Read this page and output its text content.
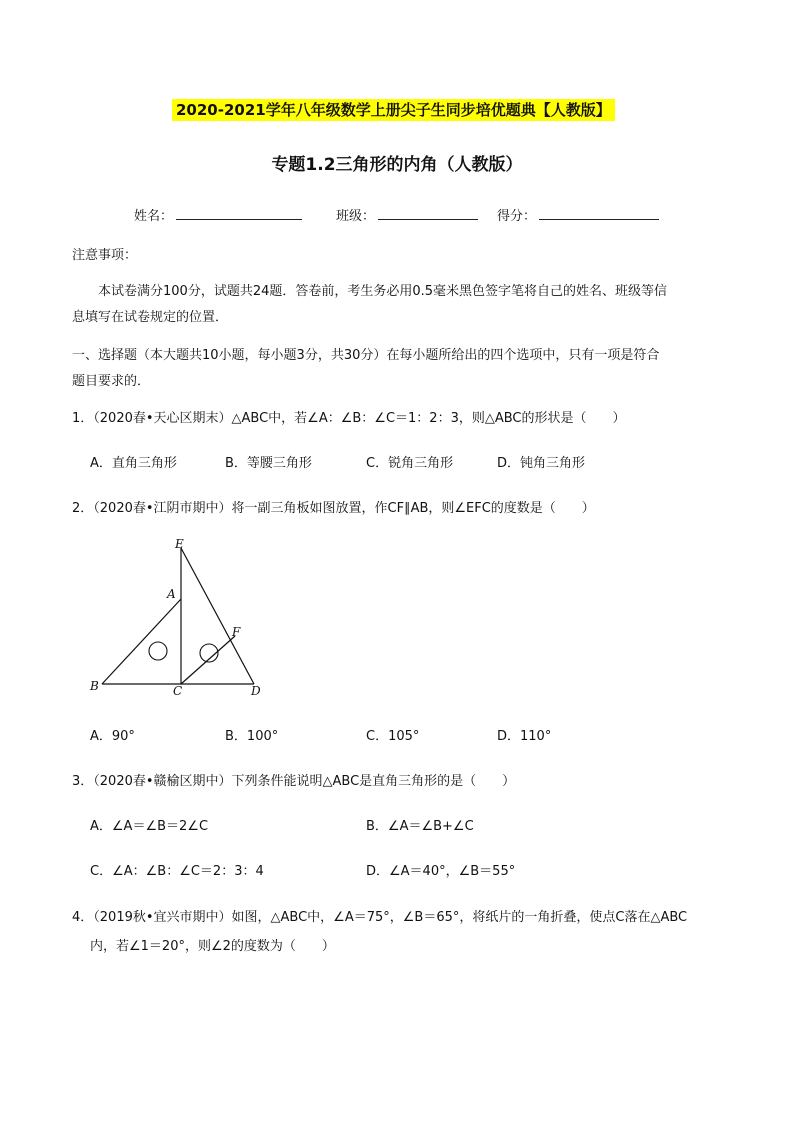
2020-2021学年八年级数学上册尖子生同步培优题典【人教版】
专题1.2三角形的内角（人教版）
姓名：	班级：	得分：
注意事项：
本试卷满分100分，试题共24题．答卷前，考生务必用0.5毫米黑色签字笔将自己的姓名、班级等信
息填写在试卷规定的位置．
一、选择题（本大题共10小题，每小题3分，共30分）在每小题所给出的四个选项中，只有一项是符合
题目要求的．
1．（2020春•天心区期末）△ABC中，若∠A：∠B：∠C＝1：2：3，则△ABC的形状是（　　）
A．直角三角形	B．等腰三角形	C．锐角三角形	D．钝角三角形
2．（2020春•江阴市期中）将一副三角板如图放置，作CF∥AB，则∠EFC的度数是（　　）
E
A
F
B	C	D
A．90°	B．100°	C．105°	D．110°
3．（2020春•赣榆区期中）下列条件能说明△ABC是直角三角形的是（　　）
A．∠A＝∠B＝2∠C	B．∠A＝∠B+∠C
C．∠A：∠B：∠C＝2：3：4	D．∠A＝40°，∠B＝55°
4．（2019秋•宜兴市期中）如图，△ABC中，∠A＝75°，∠B＝65°，将纸片的一角折叠，使点C落在△ABC
内，若∠1＝20°，则∠2的度数为（　　）
